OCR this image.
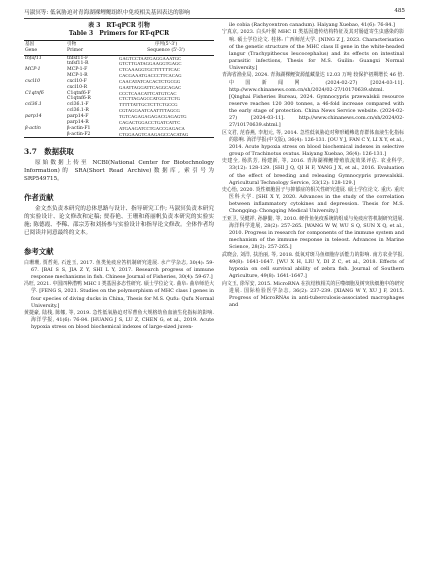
马淑冥等: 低氧胁迫对青海湖裸鲤鳃组织中免疫相关基因表达的影响	485
表 3　RT-qPCR 引物
Table 3　Primers for RT-qPCR
基因	引物	序列(5'-3')
Gene	Primer	Sequence (5'-3')
tnfaf11	tnfsf11-F	GAGTCCTAATGAGGAAATGC
	tnfsf11-R	GTCTTGATAGGAAGGTGAGC
MCP-1	MCP-1-F	CTCAAAGGTGCTTTTTTCAC
	MCP-1-R	CACGAAATGACCCTTCACAG
cxcl10	cxcl10-F	CAACATATCACACTCTGCGG
	cxcl10-R	GAATTAGGATTCAGGCAGAC
C1qtnf6	C1qtnf6-F	CCCTCAACATTCATGTCAC
	C1qtnf6-R	CTCTTAGAGCCATGGCTCTG
ccl36.1	ccl36.1-F	TTTTTATTGCTCTTCTGCCG
	ccl36.1-R	CGTAGGAATCAATTTTAGCG
parp14	parp14-F	TGTCAGAGAGAGACGAGAGTG
	parp14-R	CAGACTGGACCTGATCATTC
β-actin	β-actin-F1	ATGAAGATCCTGACCGAGACA
	β-actin-F2	CTGGAAGTCAAGAGCCACATAG
3.7　数据获取

原始数据上传至 NCBI(National Center for Biotechnology Information)的 SRA(Short Read Archive)数据库, 索引号为 SRP549715。

作者贡献

金文杰负责本研究的总体思路与设计、指导研究工作; 马淑冥负责本研究的实验设计、论文修改和定稿; 贾春艳、王珊和蒋丽帆负责本研究的实验实施; 陈德霞、李稀、邵宗芳和刘扬参与实验设计和指导论文修改。全体作者均已阅读并同意最终的文本。

参考文献

白珊珊, 贾哲苑, 石连玉, 2017. 鱼类免疫应答机制研究进展. 水产学杂志, 30(4): 59-67. [BAI S S, JIA Z Y, SHI L Y, 2017. Research progress of immune response mechanisms in fish. Chinese Journal of Fisheries, 30(4): 59-67.]

冯旺, 2021. 中国四种潜鸭 MHC I 类基因多态性研究. 硕士学位论文. 曲阜: 曲阜师范大学. [FENG S, 2021. Studies on the polymorphism of MHC class I genes in four species of diving ducks in China, Thesis for M.S. Qufu: Qufu Normal University.]

黄捷豪, 陆栈, 陈娜, 等, 2019. 急性低氧胁迫对军曹鱼大规格幼鱼血液生化指标的影响. 海洋学报, 41(6): 76-84. [HUANG J S, LU Z, CHEN G, et al., 2019. Acute hypoxia stress on blood biochemical indexes of large-sized juven-

ile cobia (Rachycentron canadum). Haiyang Xuebao, 41(6): 76-84.]

宁真京, 2023. 白头叶猴 MHC II 类基因遗传结构特征及其对肠道寄生虫感染的影响. 硕士学位论文. 桂林: 广西师范大学. [NING Z J, 2023. Characterisation of the genetic structure of the MHC class II gene in the white-headed langur (Trachypithecus leucocephalus) and its effects on intestinal parasitic infections, Thesis for M.S. Guilin: Guangxi Normal University.]

青海省渔业局, 2024. 青海湖裸鲤资源蕴藏量达 12.03 万吨 较保护初期增长 46 倍. 中国新闻网. (2024-02-27) [2024-03-11]. http://www.chinanews.com.cn/sh/2024/02-27/10170639.shtml. [Qinghai Fisheries Bureau, 2024. Gymnocypris przewalskii resource reserve reaches 120 300 tonnes, a 46-fold increase compared with the early stage of protection. China News Service website. (2024-02-27) [2024-03-11]. http://www.chinanews.com.cn/sh/2024/02-27/10170639.shtml.]

区文君, 范春燕, 李旭元, 等, 2014. 急性低氧胁迫对卵形鲳鲹选育群体血液生化指标的影响. 海洋学报(中文版), 36(4): 126-131. [OU Y J, FAN C Y, LI X Y, et al., 2014. Acute hypoxia stress on blood biochemical indexes in selective group of Trachinotus ovatus. Haiyang Xuebao, 36(4): 126-131.]

史建全, 杨洪芳, 杨建新, 等, 2016. 青海湖裸鲤增殖放流效果评估. 农业科学, 33(12): 128-129. [SHI J Q, QI H F, YANG J X, et al., 2016. Evaluation of the effect of breeding and releasing Gymnocypris przewalskii. Agricultural Technology Service, 33(12): 128-129.]

史心怡, 2020. 炎性细胞因子与抑郁症的相关性研究进展. 硕士学位论文. 重庆: 重庆医科大学. [SHI X Y, 2020. Advances in the study of the correlation between inflammatory cytokines and depression. Thesis for M.S. Chongqing: Chongqing Medical University.]

王亚卫, 吴健祥, 孙静勤, 等, 2010. 硬骨鱼免疫系统的组成与免疫应答机制研究进展. 海洋科学进展, 28(2): 257-265. [WANG W W, WU S Q, SUN X Q, et al., 2010. Progress in research for components of the immune system and mechanism of the immune response in teleost. Advances in Marine Science, 28(2): 257-265.]

武晓会, 刘洋, 扶治丽, 等, 2018. 低氧对斑马鱼细胞存活能力的影响. 南方农业学报, 49(8): 1641-1647. [WU X H, LIU Y, DI Z C, et al., 2018. Effects of hypoxia on cell survival ability of zebra fish. Journal of Southern Agriculture, 49(8): 1641-1647.]

向文玉, 徐军安, 2015. MicroRNA 在抗结核相关的巨噬细胞及树突状细胞中的研究进展. 国际检验医学杂志, 36(2): 237-239. [XIANG W Y, XU J F, 2015. Progress of MicroRNAs in anti-tuberculosis-associated macrophages and
